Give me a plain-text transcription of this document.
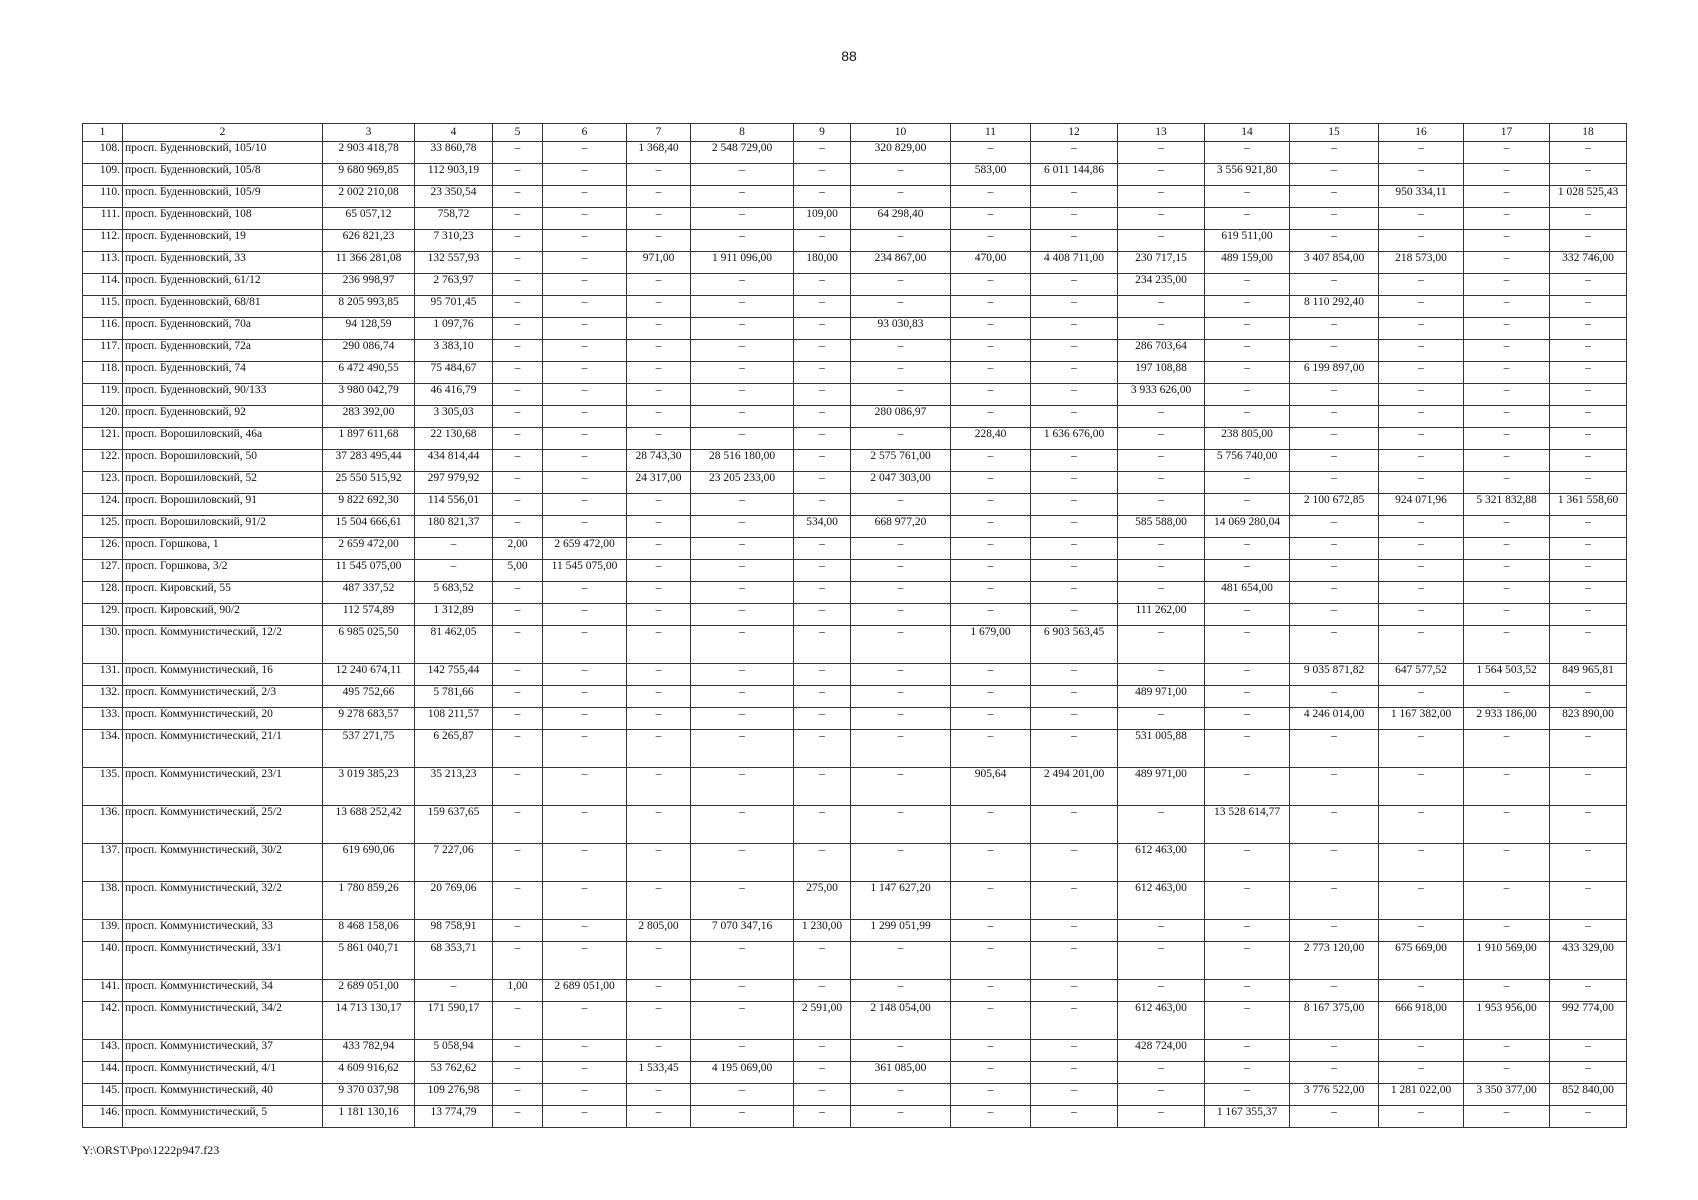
88
1	2	3	4	5	6	7	8	9	10	11	12	13	14	15	16	17	18
108.	просп. Буденновский, 105/10	2 903 418,78	33 860,78	–	–	1 368,40	2 548 729,00	–	320 829,00	–	–	–	–	–	–	–	–
109.	просп. Буденновский, 105/8	9 680 969,85	112 903,19	–	–	–	–	–	–	583,00	6 011 144,86	–	3 556 921,80	–	–	–	–
110.	просп. Буденновский, 105/9	2 002 210,08	23 350,54	–	–	–	–	–	–	–	–	–	–	–	950 334,11	–	1 028 525,43
111.	просп. Буденновский, 108	65 057,12	758,72	–	–	–	–	109,00	64 298,40	–	–	–	–	–	–	–	–
112.	просп. Буденновский, 19	626 821,23	7 310,23	–	–	–	–	–	–	–	–	–	619 511,00	–	–	–	–
113.	просп. Буденновский, 33	11 366 281,08	132 557,93	–	–	971,00	1 911 096,00	180,00	234 867,00	470,00	4 408 711,00	230 717,15	489 159,00	3 407 854,00	218 573,00	–	332 746,00
114.	просп. Буденновский, 61/12	236 998,97	2 763,97	–	–	–	–	–	–	–	–	234 235,00	–	–	–	–	–
115.	просп. Буденновский, 68/81	8 205 993,85	95 701,45	–	–	–	–	–	–	–	–	–	–	8 110 292,40	–	–	–
116.	просп. Буденновский, 70а	94 128,59	1 097,76	–	–	–	–	–	93 030,83	–	–	–	–	–	–	–	–
117.	просп. Буденновский, 72а	290 086,74	3 383,10	–	–	–	–	–	–	–	–	286 703,64	–	–	–	–	–
118.	просп. Буденновский, 74	6 472 490,55	75 484,67	–	–	–	–	–	–	–	–	197 108,88	–	6 199 897,00	–	–	–
119.	просп. Буденновский, 90/133	3 980 042,79	46 416,79	–	–	–	–	–	–	–	–	3 933 626,00	–	–	–	–	–
120.	просп. Буденновский, 92	283 392,00	3 305,03	–	–	–	–	–	280 086,97	–	–	–	–	–	–	–	–
121.	просп. Ворошиловский, 46а	1 897 611,68	22 130,68	–	–	–	–	–	–	228,40	1 636 676,00	–	238 805,00	–	–	–	–
122.	просп. Ворошиловский, 50	37 283 495,44	434 814,44	–	–	28 743,30	28 516 180,00	–	2 575 761,00	–	–	–	5 756 740,00	–	–	–	–
123.	просп. Ворошиловский, 52	25 550 515,92	297 979,92	–	–	24 317,00	23 205 233,00	–	2 047 303,00	–	–	–	–	–	–	–	–
124.	просп. Ворошиловский, 91	9 822 692,30	114 556,01	–	–	–	–	–	–	–	–	–	–	2 100 672,85	924 071,96	5 321 832,88	1 361 558,60
125.	просп. Ворошиловский, 91/2	15 504 666,61	180 821,37	–	–	–	–	534,00	668 977,20	–	–	585 588,00	14 069 280,04	–	–	–	–
126.	просп. Горшкова, 1	2 659 472,00	–	2,00	2 659 472,00	–	–	–	–	–	–	–	–	–	–	–	–
127.	просп. Горшкова, 3/2	11 545 075,00	–	5,00	11 545 075,00	–	–	–	–	–	–	–	–	–	–	–	–
128.	просп. Кировский, 55	487 337,52	5 683,52	–	–	–	–	–	–	–	–	–	481 654,00	–	–	–	–
129.	просп. Кировский, 90/2	112 574,89	1 312,89	–	–	–	–	–	–	–	–	111 262,00	–	–	–	–	–
130.	просп. Коммунистический, 12/2	6 985 025,50	81 462,05	–	–	–	–	–	–	1 679,00	6 903 563,45	–	–	–	–	–	–
131.	просп. Коммунистический, 16	12 240 674,11	142 755,44	–	–	–	–	–	–	–	–	–	–	9 035 871,82	647 577,52	1 564 503,52	849 965,81
132.	просп. Коммунистический, 2/3	495 752,66	5 781,66	–	–	–	–	–	–	–	–	489 971,00	–	–	–	–	–
133.	просп. Коммунистический, 20	9 278 683,57	108 211,57	–	–	–	–	–	–	–	–	–	–	4 246 014,00	1 167 382,00	2 933 186,00	823 890,00
134.	просп. Коммунистический, 21/1	537 271,75	6 265,87	–	–	–	–	–	–	–	–	531 005,88	–	–	–	–	–
135.	просп. Коммунистический, 23/1	3 019 385,23	35 213,23	–	–	–	–	–	–	905,64	2 494 201,00	489 971,00	–	–	–	–	–
136.	просп. Коммунистический, 25/2	13 688 252,42	159 637,65	–	–	–	–	–	–	–	–	–	13 528 614,77	–	–	–	–
137.	просп. Коммунистический, 30/2	619 690,06	7 227,06	–	–	–	–	–	–	–	–	612 463,00	–	–	–	–	–
138.	просп. Коммунистический, 32/2	1 780 859,26	20 769,06	–	–	–	–	275,00	1 147 627,20	–	–	612 463,00	–	–	–	–	–
139.	просп. Коммунистический, 33	8 468 158,06	98 758,91	–	–	2 805,00	7 070 347,16	1 230,00	1 299 051,99	–	–	–	–	–	–	–	–
140.	просп. Коммунистический, 33/1	5 861 040,71	68 353,71	–	–	–	–	–	–	–	–	–	–	2 773 120,00	675 669,00	1 910 569,00	433 329,00
141.	просп. Коммунистический, 34	2 689 051,00	–	1,00	2 689 051,00	–	–	–	–	–	–	–	–	–	–	–	–
142.	просп. Коммунистический, 34/2	14 713 130,17	171 590,17	–	–	–	–	2 591,00	2 148 054,00	–	–	612 463,00	–	8 167 375,00	666 918,00	1 953 956,00	992 774,00
143.	просп. Коммунистический, 37	433 782,94	5 058,94	–	–	–	–	–	–	–	–	428 724,00	–	–	–	–	–
144.	просп. Коммунистический, 4/1	4 609 916,62	53 762,62	–	–	1 533,45	4 195 069,00	–	361 085,00	–	–	–	–	–	–	–	–
145.	просп. Коммунистический, 40	9 370 037,98	109 276,98	–	–	–	–	–	–	–	–	–	–	3 776 522,00	1 281 022,00	3 350 377,00	852 840,00
146.	просп. Коммунистический, 5	1 181 130,16	13 774,79	–	–	–	–	–	–	–	–	–	1 167 355,37	–	–	–	–
Y:\ORST\Ppo\1222p947.f23
